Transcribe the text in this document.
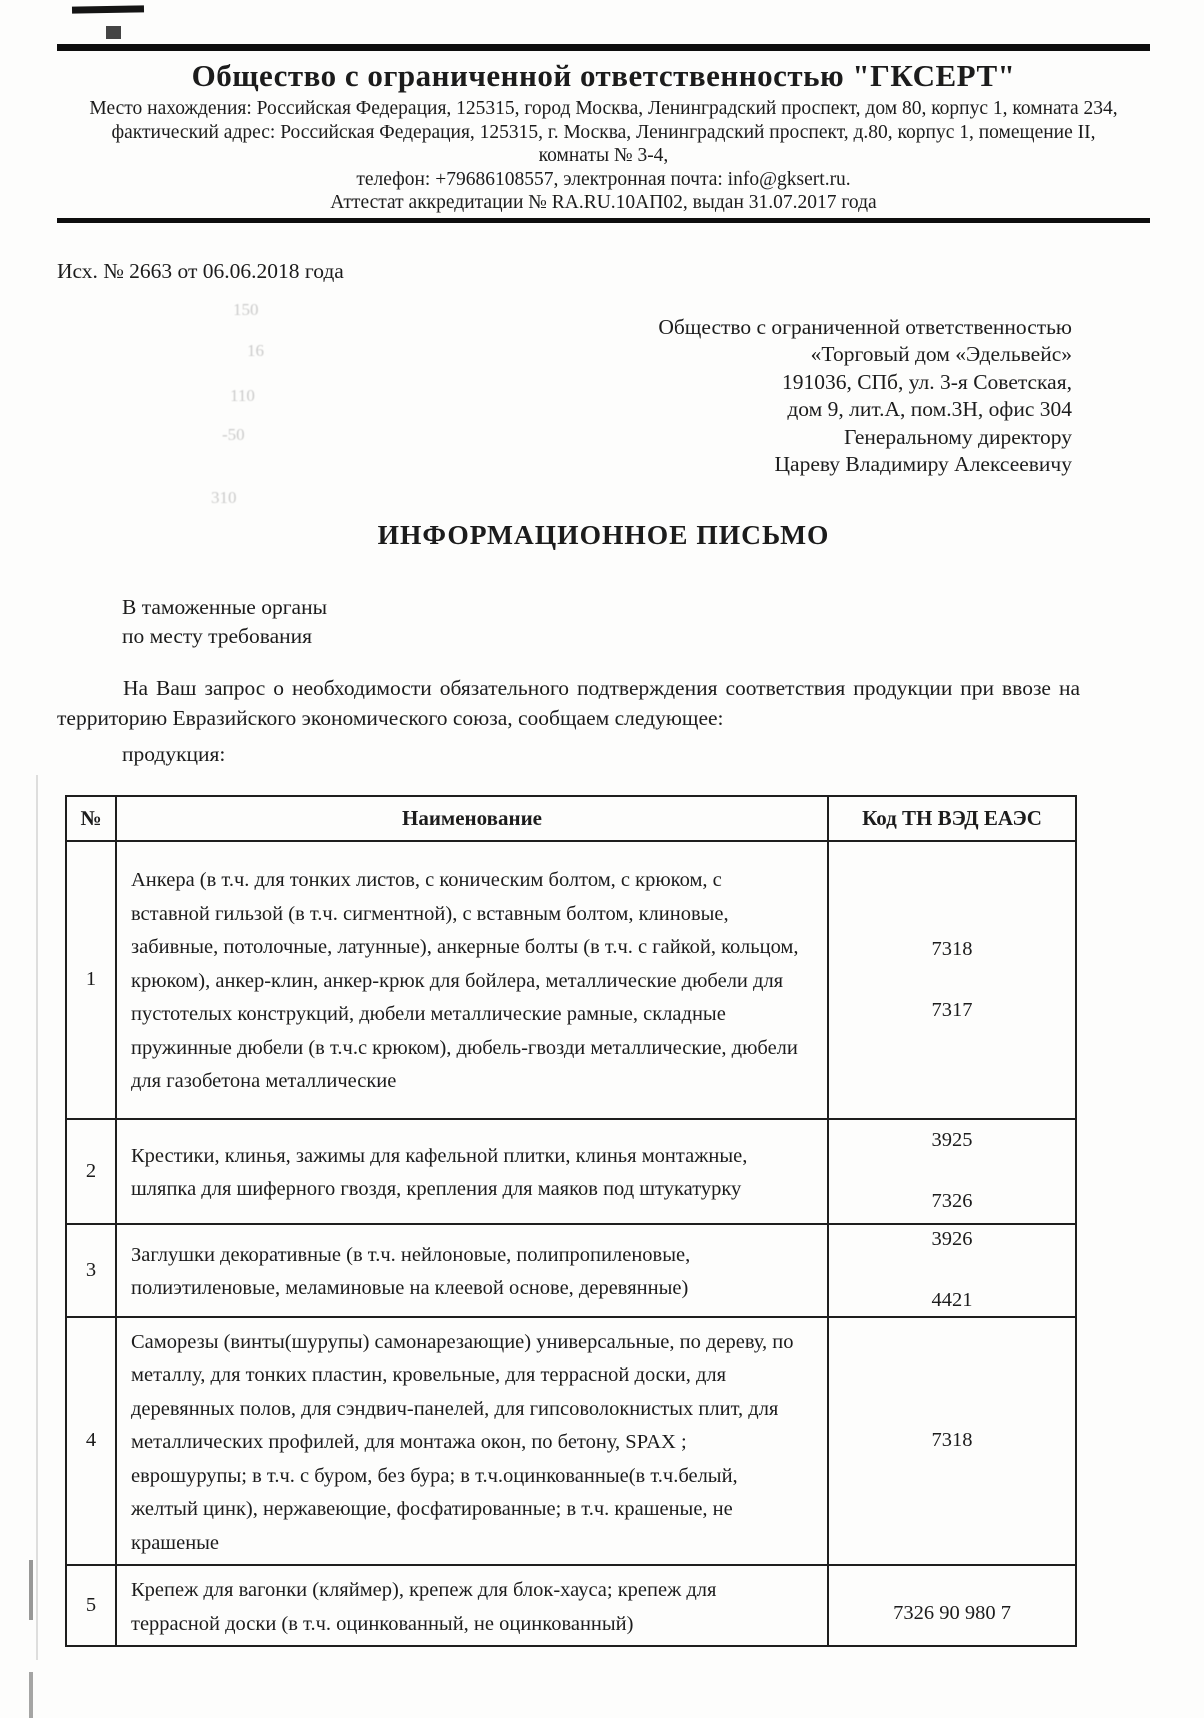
150
16
110
-50
310
Общество с ограниченной ответственностью "ГКСЕРТ"
Место нахождения: Российская Федерация, 125315, город Москва, Ленинградский проспект, дом 80, корпус 1, комната 234,
фактический адрес: Российская Федерация, 125315, г. Москва, Ленинградский проспект, д.80, корпус 1, помещение II,
комнаты № 3-4,
телефон: +79686108557, электронная почта: info@gksert.ru.
Аттестат аккредитации № RA.RU.10АП02, выдан 31.07.2017 года
Исх. № 2663 от 06.06.2018 года
Общество с ограниченной ответственностью
«Торговый дом «Эдельвейс»
191036, СПб, ул. 3-я Советская,
дом 9, лит.А, пом.3Н, офис 304
Генеральному директору
Цареву Владимиру Алексеевичу
ИНФОРМАЦИОННОЕ ПИСЬМО
В таможенные органы
по месту требования
На Ваш запрос о необходимости обязательного подтверждения соответствия продукции при ввозе на территорию Евразийского экономического союза, сообщаем следующее:
продукция:
№	Наименование	Код ТН ВЭД ЕАЭС
1	Анкера (в т.ч. для тонких листов, с коническим болтом, с крюком, с вставной гильзой (в т.ч. сигментной), с вставным болтом, клиновые, забивные, потолочные, латунные), анкерные болты (в т.ч. с гайкой, кольцом, крюком), анкер-клин, анкер-крюк для бойлера, металлические дюбели для пустотелых конструкций, дюбели металлические рамные, складные пружинные дюбели (в т.ч.с крюком), дюбель-гвозди металлические, дюбели для газобетона металлические	7318
7317

2	Крестики, клинья, зажимы для кафельной плитки, клинья монтажные, шляпка для шиферного гвоздя, крепления для маяков под штукатурку	3925
7326

3	Заглушки декоративные (в т.ч. нейлоновые, полипропиленовые, полиэтиленовые, меламиновые на клеевой основе, деревянные)	3926
4421

4	Саморезы (винты(шурупы) самонарезающие) универсальные, по дереву, по металлу, для тонких пластин, кровельные, для террасной доски, для деревянных полов, для сэндвич-панелей, для гипсоволокнистых плит, для металлических профилей, для монтажа окон, по бетону, SPAX ; еврошурупы; в т.ч. с буром, без бура; в т.ч.оцинкованные(в т.ч.белый, желтый цинк), нержавеющие, фосфатированные; в т.ч. крашеные, не крашеные	7318

5	Крепеж для вагонки (кляймер), крепеж для блок-хауса; крепеж для террасной доски (в т.ч. оцинкованный, не оцинкованный)	7326 90 980 7
